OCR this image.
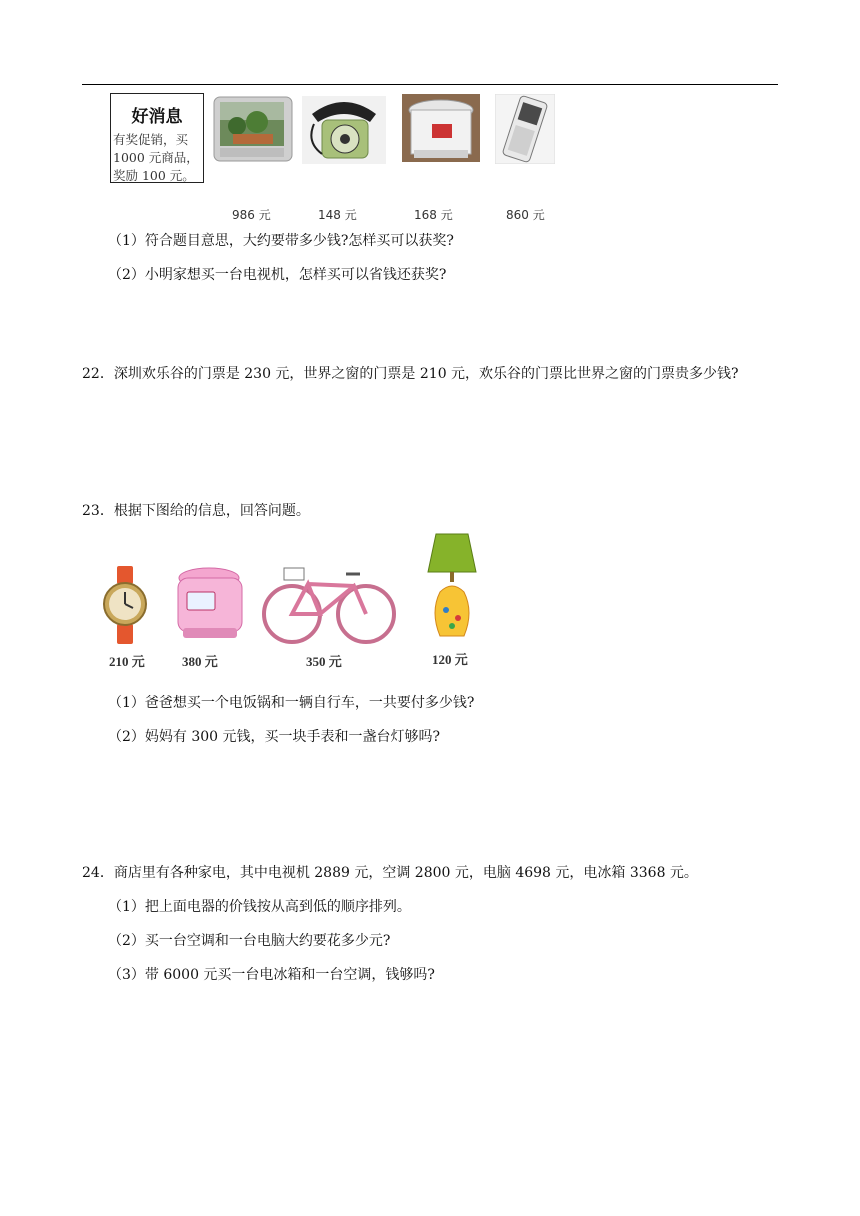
好消息
有奖促销，买1000 元商品，奖励 100 元。
986 元	148 元	168 元	860 元
（1）符合题目意思，大约要带多少钱?怎样买可以获奖?
（2）小明家想买一台电视机，怎样买可以省钱还获奖?
22．深圳欢乐谷的门票是 230 元，世界之窗的门票是 210 元，欢乐谷的门票比世界之窗的门票贵多少钱?
23．根据下图给的信息，回答问题。
210 元	380 元	350 元	120 元
（1）爸爸想买一个电饭锅和一辆自行车，一共要付多少钱?
（2）妈妈有 300 元钱，买一块手表和一盏台灯够吗?
24．商店里有各种家电，其中电视机 2889 元，空调 2800 元，电脑 4698 元，电冰箱 3368 元。
（1）把上面电器的价钱按从高到低的顺序排列。
（2）买一台空调和一台电脑大约要花多少元?
（3）带 6000 元买一台电冰箱和一台空调，钱够吗?
